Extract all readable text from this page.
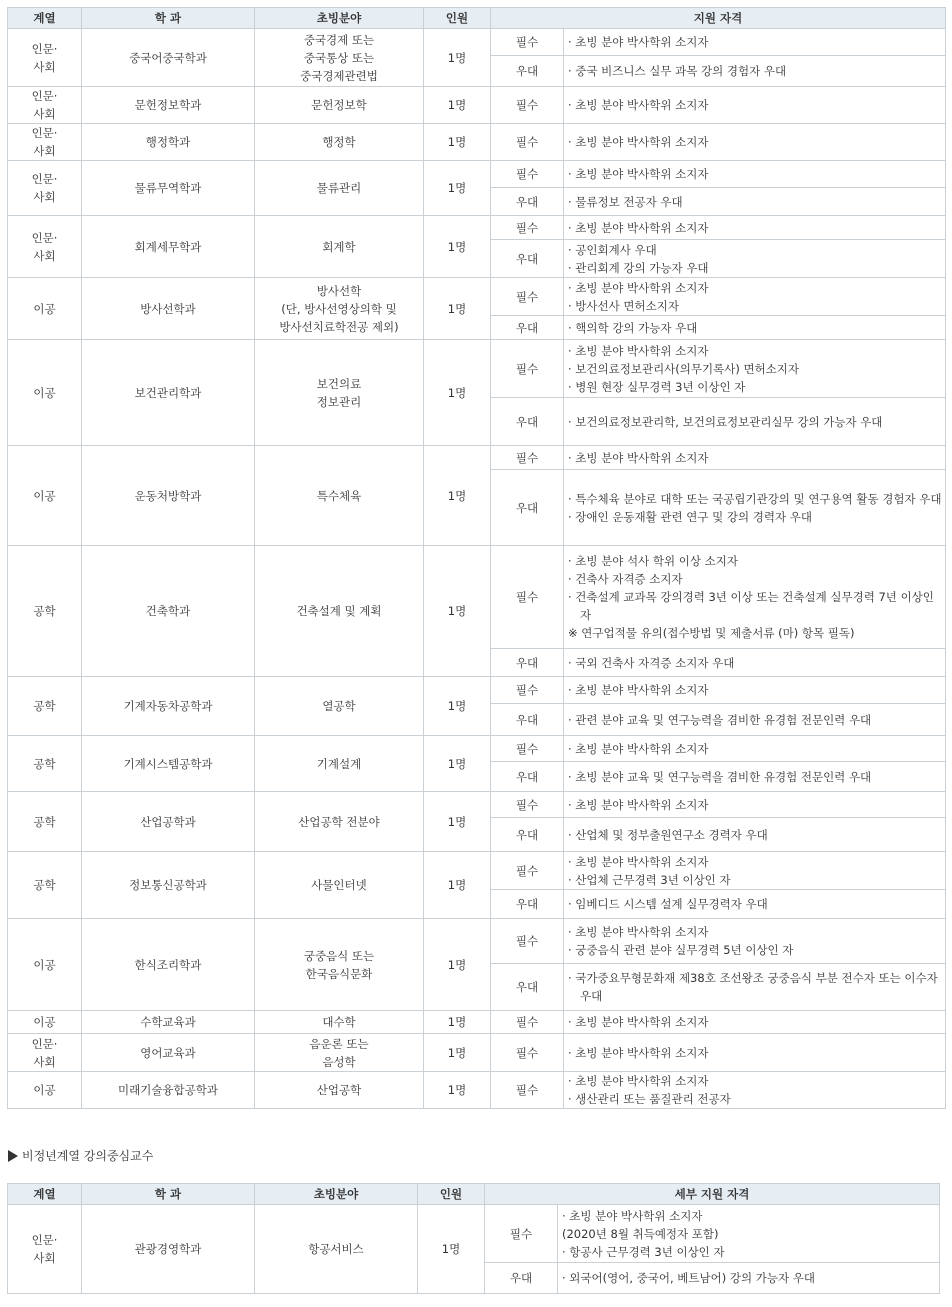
계열	학 과	초빙분야	인원	지원 자격	

인문·
사회	중국어중국학과	중국경제 또는
중국통상 또는
중국경제관련법	1명	필수	· 초빙 분야 박사학위 소지자

				우대	· 중국 비즈니스 실무 과목 강의 경험자 우대

인문·
사회	문헌정보학과	문헌정보학	1명	필수	· 초빙 분야 박사학위 소지자

인문·
사회	행정학과	행정학	1명	필수	· 초빙 분야 박사학위 소지자

인문·
사회	물류무역학과	물류관리	1명	필수	· 초빙 분야 박사학위 소지자

				우대	· 물류정보 전공자 우대

인문·
사회	회계세무학과	회계학	1명	필수	· 초빙 분야 박사학위 소지자

				우대	· 공인회계사 우대
· 관리회계 강의 가능자 우대

이공	방사선학과	방사선학
(단, 방사선영상의학 및
방사선치료학전공 제외)	1명	필수	· 초빙 분야 박사학위 소지자
· 방사선사 면허소지자

				우대	· 핵의학 강의 가능자 우대

이공	보건관리학과	보건의료
정보관리	1명	필수	· 초빙 분야 박사학위 소지자
· 보건의료정보관리사(의무기록사) 면허소지자
· 병원 현장 실무경력 3년 이상인 자

				우대	· 보건의료정보관리학, 보건의료정보관리실무 강의 가능자 우대

이공	운동처방학과	특수체육	1명	필수	· 초빙 분야 박사학위 소지자

				우대	· 특수체육 분야로 대학 또는 국공립기관강의 및 연구용역 활동 경험자 우대
· 장애인 운동재활 관련 연구 및 강의 경력자 우대

공학	건축학과	건축설계 및 계획	1명	필수	· 초빙 분야 석사 학위 이상 소지자
· 건축사 자격증 소지자
· 건축설계 교과목 강의경력 3년 이상 또는 건축설계 실무경력 7년 이상인
자
※ 연구업적물 유의(접수방법 및 제출서류 (마) 항목 필독)

				우대	· 국외 건축사 자격증 소지자 우대

공학	기계자동차공학과	열공학	1명	필수	· 초빙 분야 박사학위 소지자

				우대	· 관련 분야 교육 및 연구능력을 겸비한 유경험 전문인력 우대

공학	기계시스템공학과	기계설계	1명	필수	· 초빙 분야 박사학위 소지자

				우대	· 초빙 분야 교육 및 연구능력을 겸비한 유경험 전문인력 우대

공학	산업공학과	산업공학 전분야	1명	필수	· 초빙 분야 박사학위 소지자

				우대	· 산업체 및 정부출원연구소 경력자 우대

공학	정보통신공학과	사물인터넷	1명	필수	· 초빙 분야 박사학위 소지자
· 산업체 근무경력 3년 이상인 자

				우대	· 임베디드 시스템 설계 실무경력자 우대

이공	한식조리학과	궁중음식 또는
한국음식문화	1명	필수	· 초빙 분야 박사학위 소지자
· 궁중음식 관련 분야 실무경력 5년 이상인 자

				우대	· 국가중요무형문화재 제38호 조선왕조 궁중음식 부분 전수자 또는 이수자
우대

이공	수학교육과	대수학	1명	필수	· 초빙 분야 박사학위 소지자

인문·
사회	영어교육과	음운론 또는
음성학	1명	필수	· 초빙 분야 박사학위 소지자

이공	미래기술융합공학과	산업공학	1명	필수	· 초빙 분야 박사학위 소지자
· 생산관리 또는 품질관리 전공자
비정년계열 강의중심교수
계열	학 과	초빙분야	인원	세부 지원 자격	

인문·
사회	관광경영학과	항공서비스	1명	필수	· 초빙 분야 박사학위 소지자
(2020년 8월 취득예정자 포함)
· 항공사 근무경력 3년 이상인 자

				우대	· 외국어(영어, 중국어, 베트남어) 강의 가능자 우대
